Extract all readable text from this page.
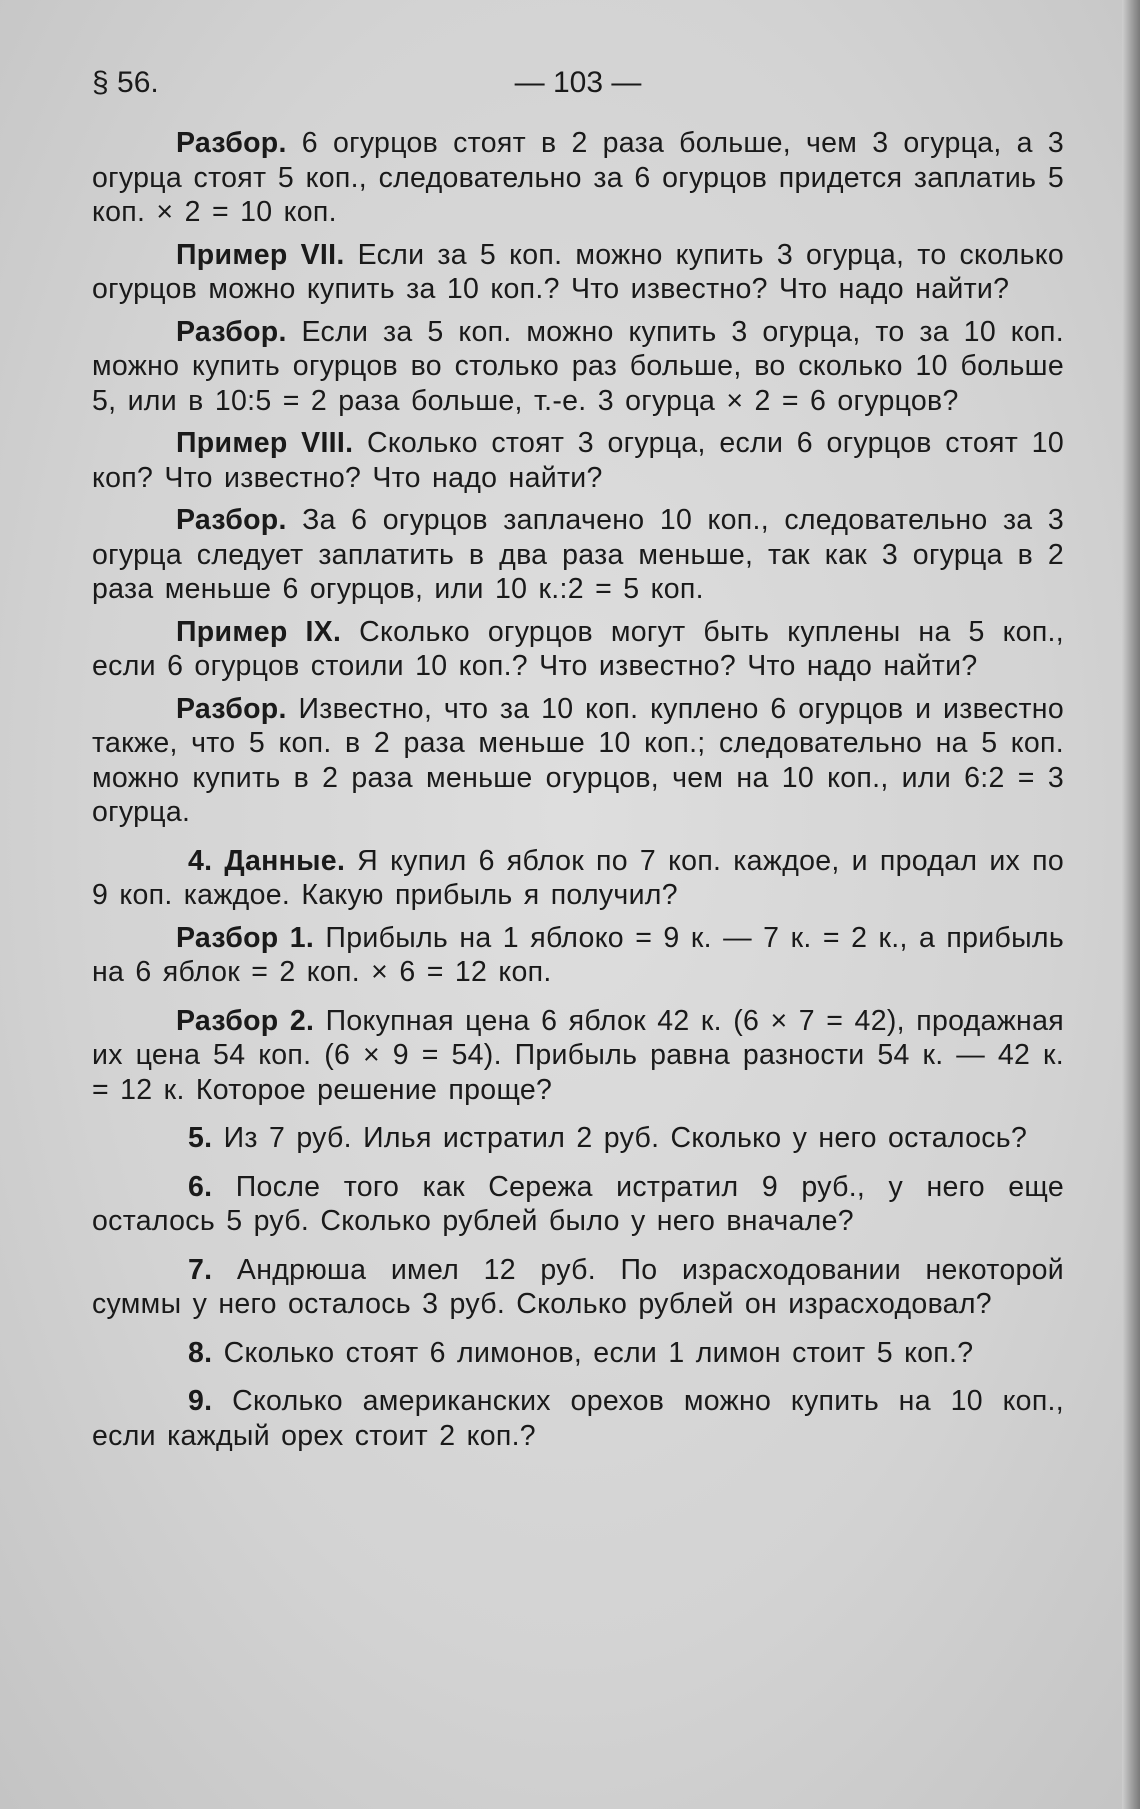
§ 56.	— 103 —

Разбор. 6 огурцов стоят в 2 раза больше, чем 3 огурца, а 3 огурца стоят 5 коп., следовательно за 6 огурцов придется заплатиь 5 коп. × 2 = 10 коп.

Пример VII. Если за 5 коп. можно купить 3 огурца, то сколько огурцов можно купить за 10 коп.? Что известно? Что надо найти?

Разбор. Если за 5 коп. можно купить 3 огурца, то за 10 коп. можно купить огурцов во столько раз больше, во сколько 10 больше 5, или в 10:5 = 2 раза больше, т.-е. 3 огурца × 2 = 6 огурцов?

Пример VIII. Сколько стоят 3 огурца, если 6 огурцов стоят 10 коп? Что известно? Что надо найти?

Разбор. За 6 огурцов заплачено 10 коп., следовательно за 3 огурца следует заплатить в два раза меньше, так как 3 огурца в 2 раза меньше 6 огурцов, или 10 к.:2 = 5 коп.

Пример IX. Сколько огурцов могут быть куплены на 5 коп., если 6 огурцов стоили 10 коп.? Что известно? Что надо найти?

Разбор. Известно, что за 10 коп. куплено 6 огурцов и известно также, что 5 коп. в 2 раза меньше 10 коп.; следовательно на 5 коп. можно купить в 2 раза меньше огурцов, чем на 10 коп., или 6:2 = 3 огурца.

4. Данные. Я купил 6 яблок по 7 коп. каждое, и продал их по 9 коп. каждое. Какую прибыль я получил?

Разбор 1. Прибыль на 1 яблоко = 9 к. — 7 к. = 2 к., а прибыль на 6 яблок = 2 коп. × 6 = 12 коп.

Разбор 2. Покупная цена 6 яблок 42 к. (6 × 7 = 42), продажная их цена 54 коп. (6 × 9 = 54). Прибыль равна разности 54 к. — 42 к. = 12 к. Которое решение проще?

5. Из 7 руб. Илья истратил 2 руб. Сколько у него осталось?

6. После того как Сережа истратил 9 руб., у него еще осталось 5 руб. Сколько рублей было у него вначале?

7. Андрюша имел 12 руб. По израсходовании некоторой суммы у него осталось 3 руб. Сколько рублей он израсходовал?

8. Сколько стоят 6 лимонов, если 1 лимон стоит 5 коп.?

9. Сколько американских орехов можно купить на 10 коп., если каждый орех стоит 2 коп.?
